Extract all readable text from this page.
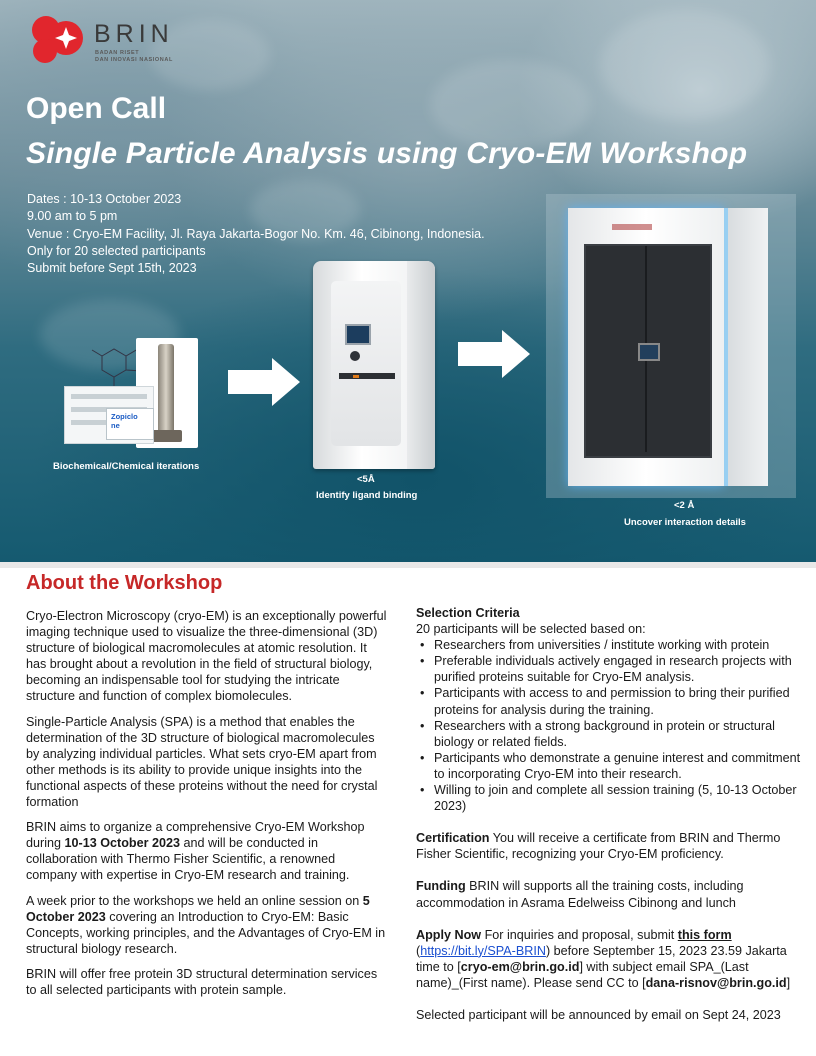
BRIN
BADAN RISET
DAN INOVASI NASIONAL
Open Call
Single Particle Analysis using Cryo-EM Workshop
Dates : 10-13 October 2023
9.00 am to 5 pm
Venue : Cryo-EM Facility, Jl. Raya Jakarta-Bogor No. Km. 46, Cibinong, Indonesia.
Only for 20 selected participants
Submit before Sept 15th, 2023
Zopiclo
ne
Biochemical/Chemical iterations
<5Å
Identify ligand binding
<2 Å
Uncover interaction details
About the Workshop

Cryo-Electron Microscopy (cryo-EM) is an exceptionally powerful imaging technique used to visualize the three-dimensional (3D) structure of biological macromolecules at atomic resolution. It has brought about a revolution in the field of structural biology, becoming an indispensable tool for studying the intricate structure and function of complex biomolecules.

Single-Particle Analysis (SPA) is a method that enables the determination of the 3D structure of biological macromolecules by analyzing individual particles. What sets cryo-EM apart from other methods is its ability to provide unique insights into the functional aspects of these proteins without the need for crystal formation

BRIN aims to organize a comprehensive Cryo-EM Workshop during 10-13 October 2023 and will be conducted in collaboration with Thermo Fisher Scientific, a renowned company with expertise in Cryo-EM research and training.

A week prior to the workshops we held an online session on 5 October 2023 covering an Introduction to Cryo-EM: Basic Concepts, working principles, and the Advantages of Cryo-EM in structural biology research.

BRIN will offer free protein 3D structural determination services to all selected participants with protein sample.

Selection Criteria

20 participants will be selected based on:

• Researchers from universities / institute working with protein
• Preferable individuals actively engaged in research projects with purified proteins suitable for Cryo-EM analysis.
• Participants with access to and permission to bring their purified proteins for analysis during the training.
• Researchers with a strong background in protein or structural biology or related fields.
• Participants who demonstrate a genuine interest and commitment to incorporating Cryo-EM into their research.
• Willing to join and complete all session training (5, 10-13 October 2023)

Certification You will receive a certificate from BRIN and Thermo Fisher Scientific, recognizing your Cryo-EM proficiency.

Funding BRIN will supports all the training costs, including accommodation in Asrama Edelweiss Cibinong and lunch

Apply Now For inquiries and proposal, submit this form
(https://bit.ly/SPA-BRIN) before September 15, 2023 23.59 Jakarta time to [cryo-em@brin.go.id] with subject email SPA_(Last name)_(First name). Please send CC to [dana-risnov@brin.go.id]

Selected participant will be announced by email on Sept 24, 2023
